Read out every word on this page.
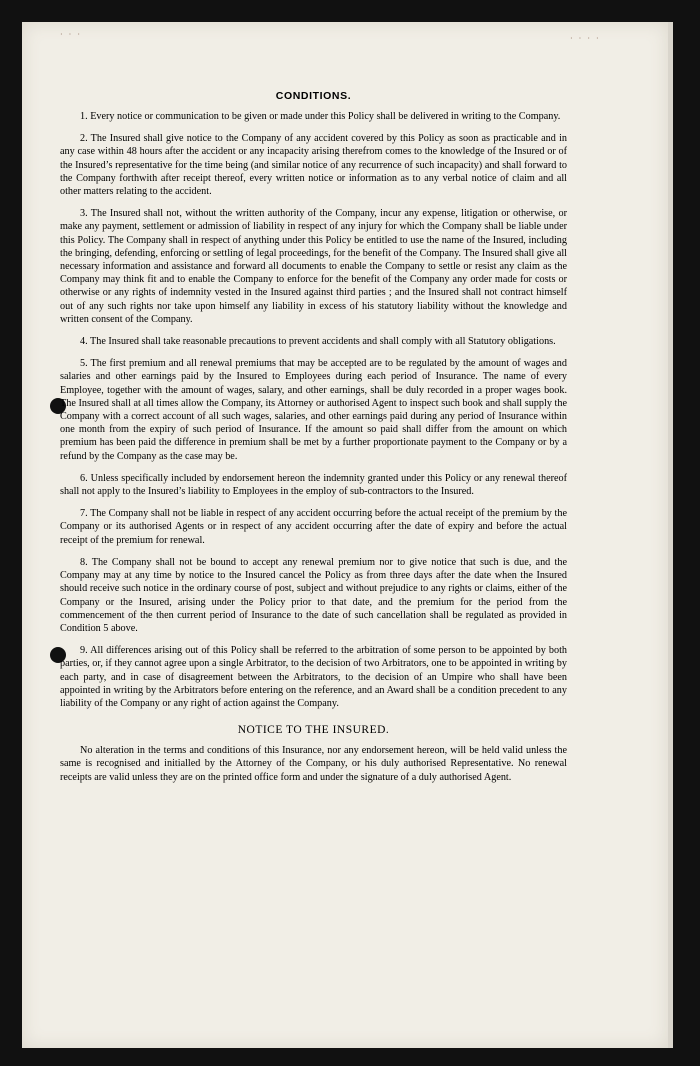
· · ·	· · · ·
CONDITIONS.

1. Every notice or communication to be given or made under this Policy shall be delivered in writing to the Company.

2. The Insured shall give notice to the Company of any accident covered by this Policy as soon as practicable and in any case within 48 hours after the accident or any incapacity arising therefrom comes to the knowledge of the Insured or of the Insured’s representative for the time being (and similar notice of any recurrence of such incapacity) and shall forward to the Company forthwith after receipt thereof, every written notice or information as to any verbal notice of claim and all other matters relating to the accident.

3. The Insured shall not, without the written authority of the Company, incur any expense, litigation or otherwise, or make any payment, settlement or admission of liability in respect of any injury for which the Company shall be liable under this Policy. The Company shall in respect of anything under this Policy be entitled to use the name of the Insured, including the bringing, defending, enforcing or settling of legal proceedings, for the benefit of the Company. The Insured shall give all necessary information and assistance and forward all documents to enable the Company to settle or resist any claim as the Company may think fit and to enable the Company to enforce for the benefit of the Company any order made for costs or otherwise or any rights of indemnity vested in the Insured against third parties ; and the Insured shall not contract himself out of any such rights nor take upon himself any liability in excess of his statutory liability without the knowledge and written consent of the Company.

4. The Insured shall take reasonable precautions to prevent accidents and shall comply with all Statutory obligations.

5. The first premium and all renewal premiums that may be accepted are to be regulated by the amount of wages and salaries and other earnings paid by the Insured to Employees during each period of Insurance. The name of every Employee, together with the amount of wages, salary, and other earnings, shall be duly recorded in a proper wages book. The Insured shall at all times allow the Company, its Attorney or authorised Agent to inspect such book and shall supply the Company with a correct account of all such wages, salaries, and other earnings paid during any period of Insurance within one month from the expiry of such period of Insurance. If the amount so paid shall differ from the amount on which premium has been paid the difference in premium shall be met by a further proportionate payment to the Company or by a refund by the Company as the case may be.

6. Unless specifically included by endorsement hereon the indemnity granted under this Policy or any renewal thereof shall not apply to the Insured’s liability to Employees in the employ of sub-contractors to the Insured.

7. The Company shall not be liable in respect of any accident occurring before the actual receipt of the premium by the Company or its authorised Agents or in respect of any accident occurring after the date of expiry and before the actual receipt of the premium for renewal.

8. The Company shall not be bound to accept any renewal premium nor to give notice that such is due, and the Company may at any time by notice to the Insured cancel the Policy as from three days after the date when the Insured should receive such notice in the ordinary course of post, subject and without prejudice to any rights or claims, either of the Company or the Insured, arising under the Policy prior to that date, and the premium for the period from the commencement of the then current period of Insurance to the date of such cancellation shall be regulated as provided in Condition 5 above.

9. All differences arising out of this Policy shall be referred to the arbitration of some person to be appointed by both parties, or, if they cannot agree upon a single Arbitrator, to the decision of two Arbitrators, one to be appointed in writing by each party, and in case of disagreement between the Arbitrators, to the decision of an Umpire who shall have been appointed in writing by the Arbitrators before entering on the reference, and an Award shall be a condition precedent to any liability of the Company or any right of action against the Company.

NOTICE TO THE INSURED.

No alteration in the terms and conditions of this Insurance, nor any endorsement hereon, will be held valid unless the same is recognised and initialled by the Attorney of the Company, or his duly authorised Representative. No renewal receipts are valid unless they are on the printed office form and under the signature of a duly authorised Agent.
